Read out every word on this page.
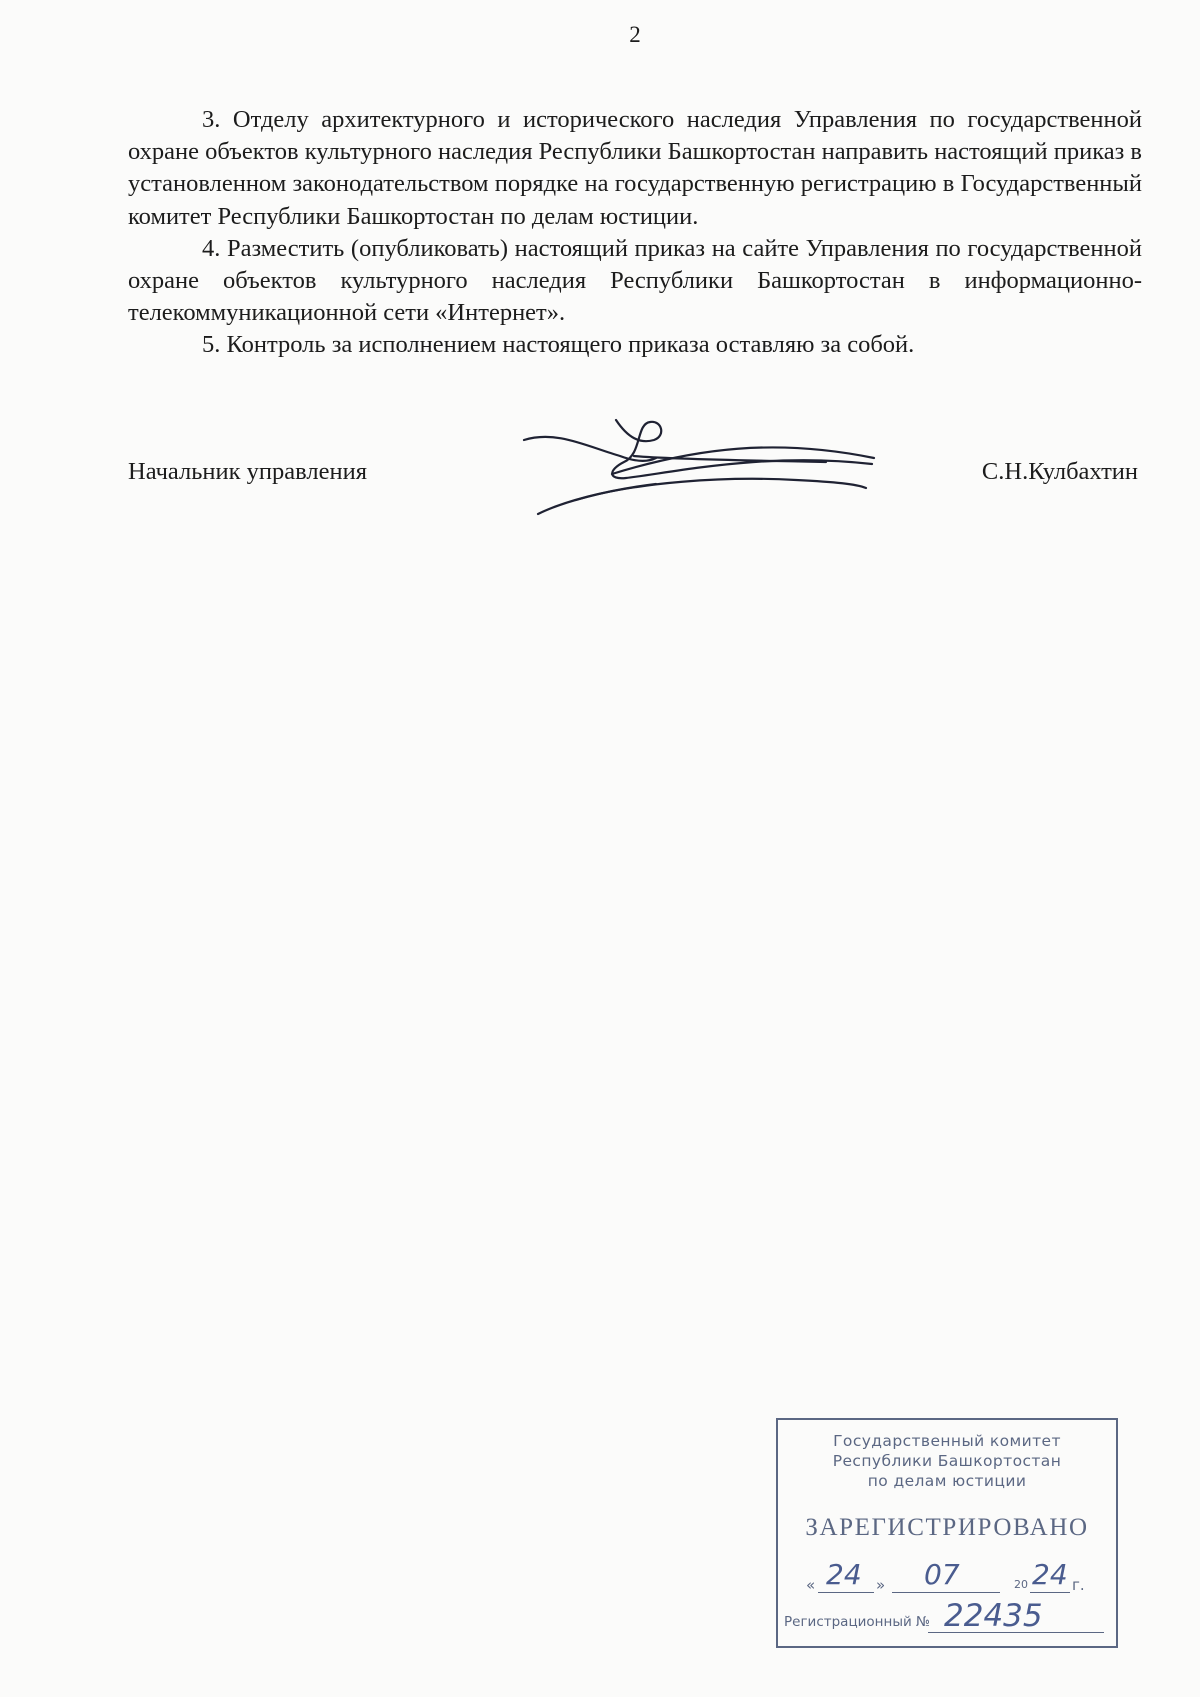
2

3. Отделу архитектурного и исторического наследия Управления по государственной охране объектов культурного наследия Республики Башкортостан направить настоящий приказ в установленном законодательством порядке на государственную регистрацию в Государственный комитет Республики Башкортостан по делам юстиции.

4. Разместить (опубликовать) настоящий приказ на сайте Управления по государственной охране объектов культурного наследия Республики Башкортостан в информационно-телекоммуникационной сети «Интернет».

5. Контроль за исполнением настоящего приказа оставляю за собой.

Начальник управления	С.Н.Кулбахтин
Государственный комитет
Республики Башкортостан
по делам юстиции
ЗАРЕГИСТРИРОВАНО
« 24 » 07	20 24 г.
Регистрационный № 22435
